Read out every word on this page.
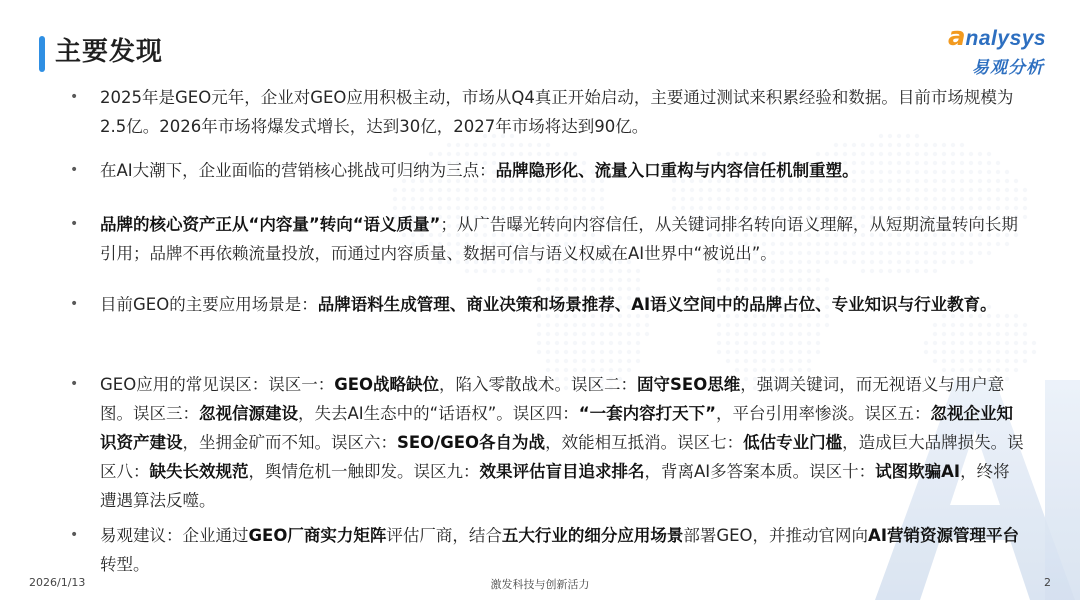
主要发现	analysys
易观分析
•	2025年是GEO元年，企业对GEO应用积极主动，市场从Q4真正开始启动，主要通过测试来积累经验和数据。目前市场规模为2.5亿。2026年市场将爆发式增长，达到30亿，2027年市场将达到90亿。
•	在AI大潮下，企业面临的营销核心挑战可归纳为三点：品牌隐形化、流量入口重构与内容信任机制重塑。
•	品牌的核心资产正从“内容量”转向“语义质量”；从广告曝光转向内容信任，从关键词排名转向语义理解，从短期流量转向长期引用；品牌不再依赖流量投放，而通过内容质量、数据可信与语义权威在AI世界中“被说出”。
•	目前GEO的主要应用场景是：品牌语料生成管理、商业决策和场景推荐、AI语义空间中的品牌占位、专业知识与行业教育。
•	GEO应用的常见误区：误区一：GEO战略缺位，陷入零散战术。误区二：固守SEO思维，强调关键词，而无视语义与用户意图。误区三：忽视信源建设，失去AI生态中的“话语权”。误区四：“一套内容打天下”，平台引用率惨淡。误区五：忽视企业知识资产建设，坐拥金矿而不知。误区六：SEO/GEO各自为战，效能相互抵消。误区七：低估专业门槛，造成巨大品牌损失。误区八：缺失长效规范，舆情危机一触即发。误区九：效果评估盲目追求排名，背离AI多答案本质。误区十：试图欺骗AI，终将遭遇算法反噬。
•	易观建议：企业通过GEO厂商实力矩阵评估厂商，结合五大行业的细分应用场景部署GEO，并推动官网向AI营销资源管理平台转型。
2026/1/13	激发科技与创新活力	2
